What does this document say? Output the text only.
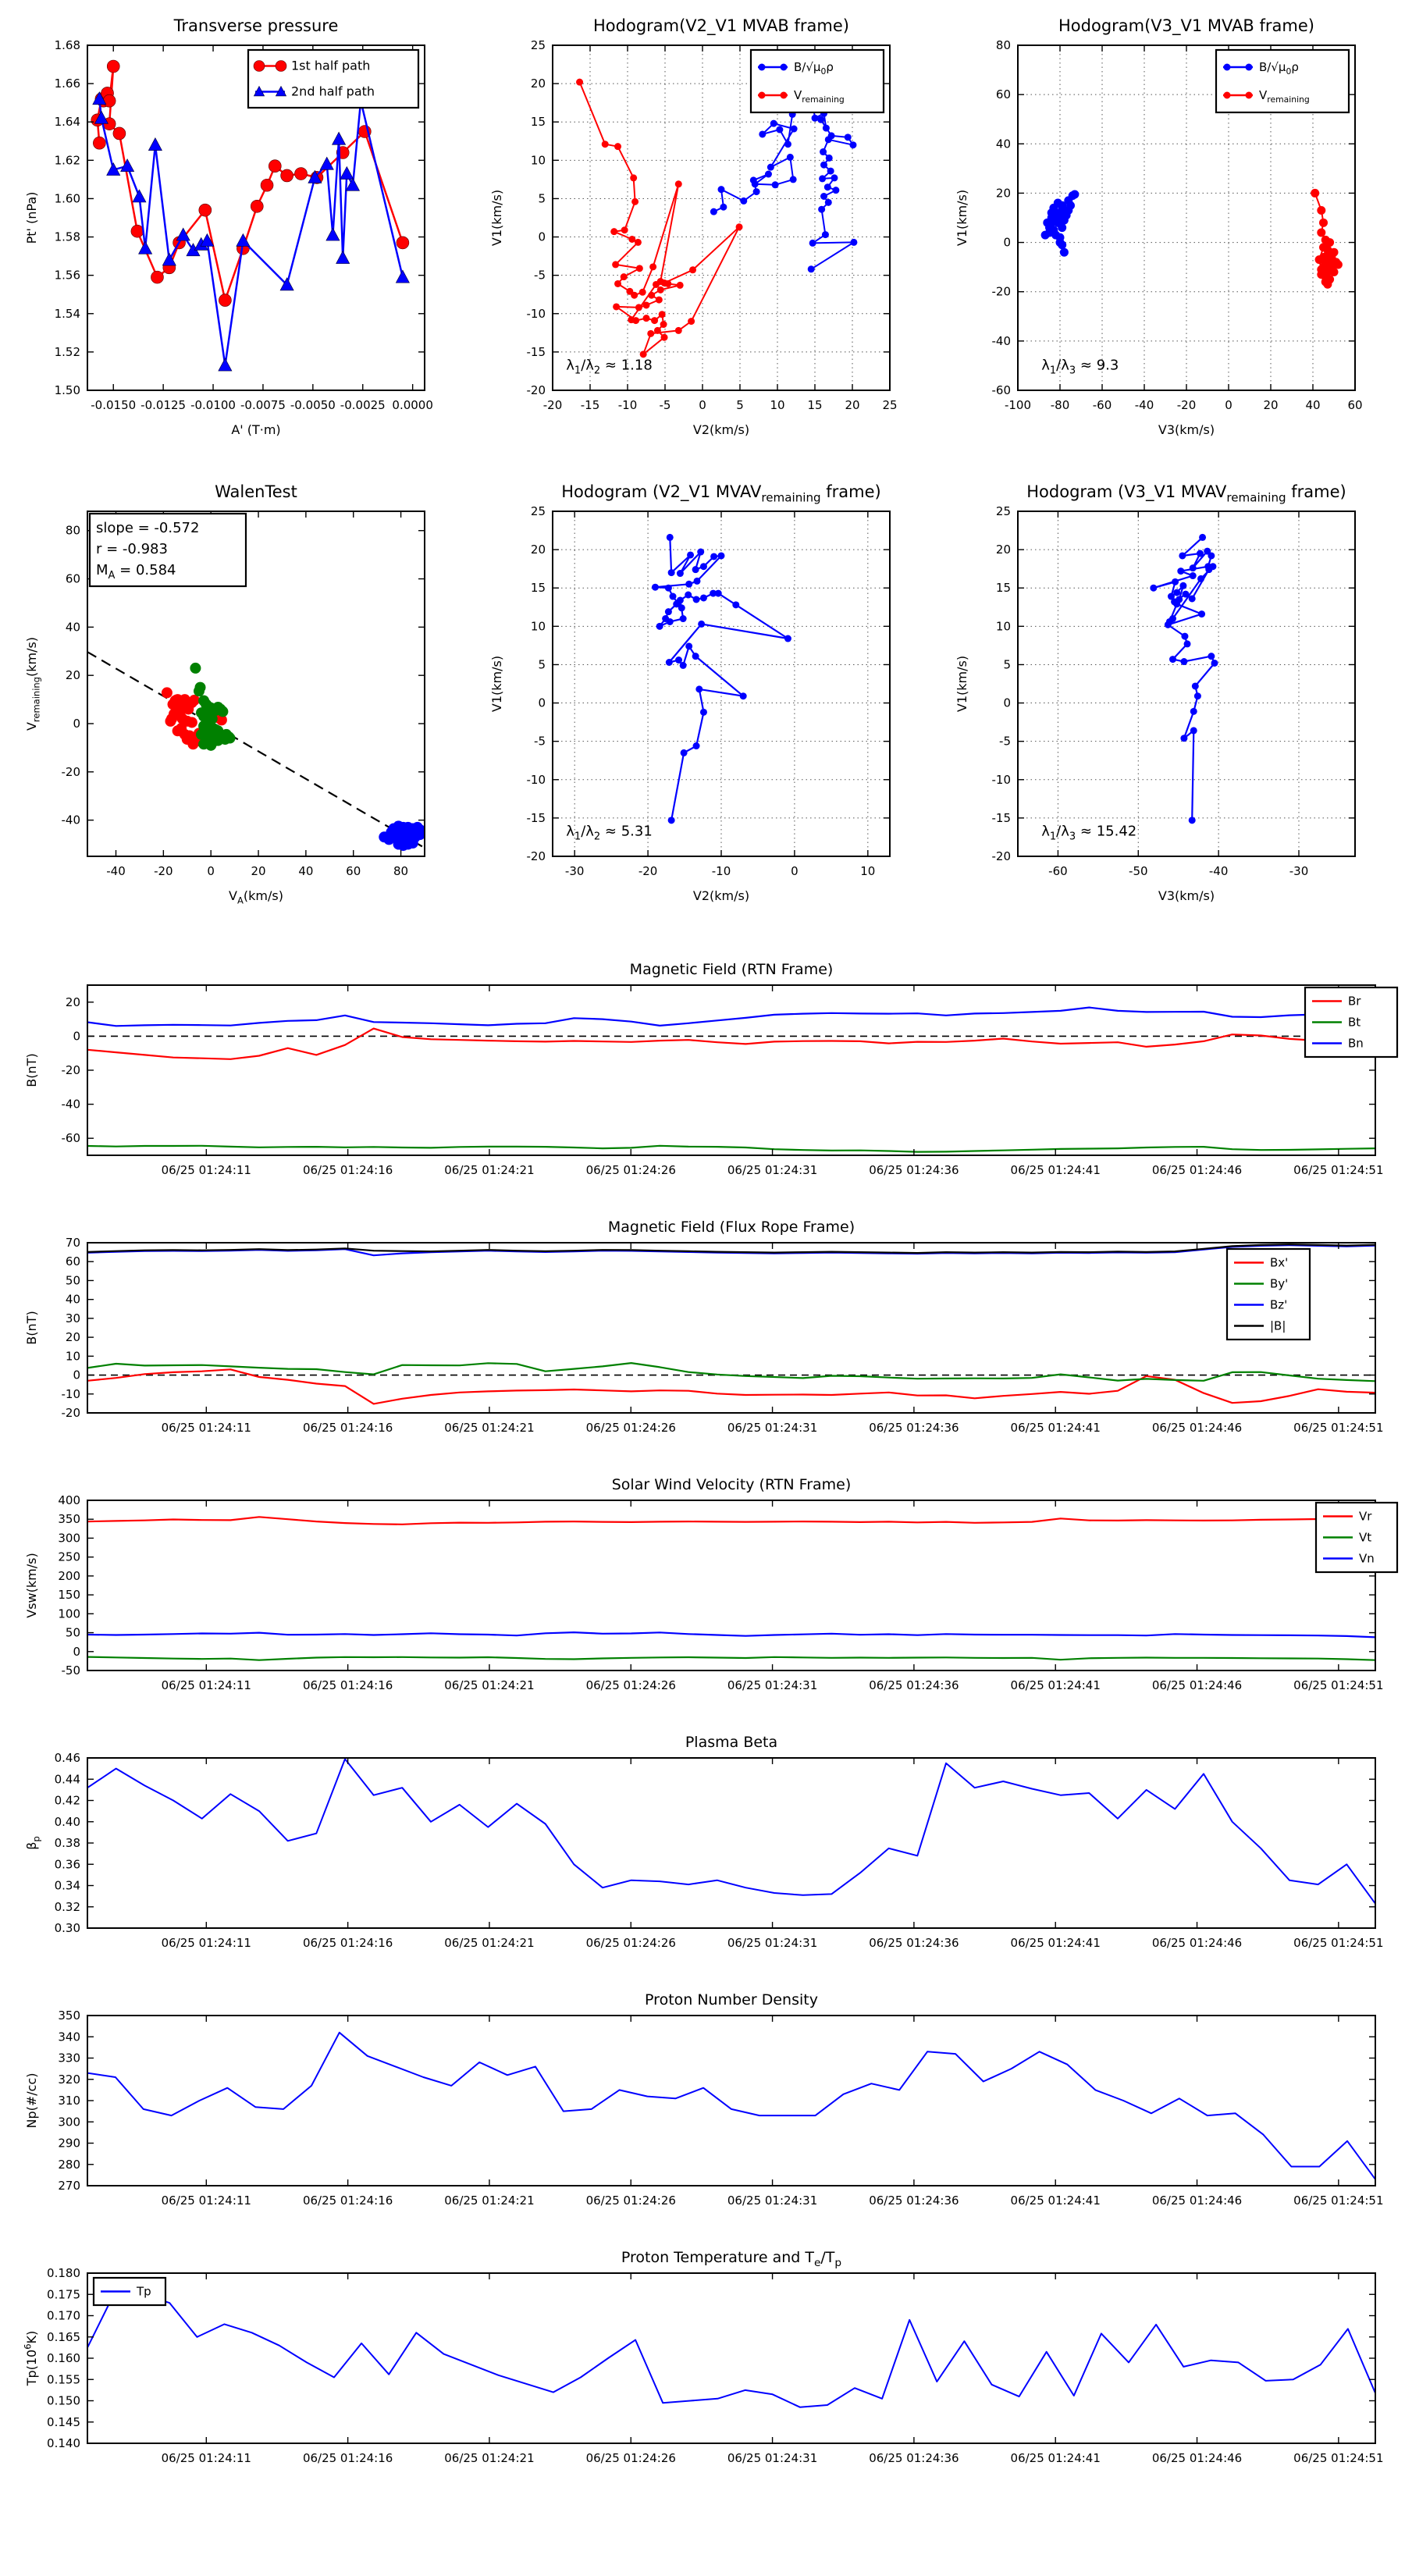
-0.0150 -0.0125 -0.0100 -0.0075 -0.0050 -0.0025 0.0000
1.50
1.52
1.54
1.56
1.58
1.60
1.62
1.64
1.66
1.68
Transverse pressure
A' (T·m)
Pt' (nPa)
1st half path
2nd half path
-20 -15 -10 -5 0	5 10 15 20 25
-20
-15
-10
-5
0
5
10
15
20
25
Hodogram(V2_V1 MVAB frame)
V2(km/s)
V1(km/s)
$\lambda_1/\lambda_2 \approx 1.18$
$B/√\mu_0\rho$
$V_{remaining}$
-100 -80 -60 -40 -20 0	20 40 60
-60
-40
-20
0
20
40
60
80
Hodogram(V3_V1 MVAB frame)
V3(km/s)
V1(km/s)
$\lambda_1/\lambda_3 \approx 9.3$
$B/√\mu_0\rho$
$V_{remaining}$
-40 -20	0	20	40	60	80
-40
-20
0
20
40
60
80
WalenTest
$V_A(km/s)$
$V_{remaining}(km/s)$
slope = -0.572
r = -0.983
$M_A = 0.584$
-30	-20	-10	0	10
-20
-15
-10
-5
0
5
10
15
20
25
Hodogram (V2_V1 $MVAV_{remaining}$ frame)
V2(km/s)
V1(km/s)
$\lambda_1/\lambda_2 \approx 5.31$
-60	-50	-40	-30
-20
-15
-10
-5
0
5
10
15
20
25
Hodogram (V3_V1 $MVAV_{remaining}$ frame)
V3(km/s)
V1(km/s)
$\lambda_1/\lambda_3 \approx 15.42$
06/25 01:24:11	06/25 01:24:16	06/25 01:24:21	06/25 01:24:26	06/25 01:24:31	06/25 01:24:36	06/25 01:24:41	06/25 01:24:46	06/25 01:24:51
-60
-40
-20
0
20
Magnetic Field (RTN Frame)
B(nT)
Br
Bt
Bn
06/25 01:24:11	06/25 01:24:16	06/25 01:24:21	06/25 01:24:26	06/25 01:24:31	06/25 01:24:36	06/25 01:24:41	06/25 01:24:46	06/25 01:24:51
-20
-10
0
10
20
30
40
50
60
70
Magnetic Field (Flux Rope Frame)
B(nT)
Bx'
By'
Bz'
|B|
06/25 01:24:11	06/25 01:24:16	06/25 01:24:21	06/25 01:24:26	06/25 01:24:31	06/25 01:24:36	06/25 01:24:41	06/25 01:24:46	06/25 01:24:51
-50
0
50
100
150
200
250
300
350
400
Solar Wind Velocity (RTN Frame)
Vsw(km/s)
Vr
Vt
Vn
06/25 01:24:11	06/25 01:24:16	06/25 01:24:21	06/25 01:24:26	06/25 01:24:31	06/25 01:24:36	06/25 01:24:41	06/25 01:24:46	06/25 01:24:51
0.30
0.32
0.34
0.36
0.38
0.40
0.42
0.44
0.46
Plasma Beta
$\beta_p$
06/25 01:24:11	06/25 01:24:16	06/25 01:24:21	06/25 01:24:26	06/25 01:24:31	06/25 01:24:36	06/25 01:24:41	06/25 01:24:46	06/25 01:24:51
270
280
290
300
310
320
330
340
350
Proton Number Density
Np(#/cc)
06/25 01:24:11	06/25 01:24:16	06/25 01:24:21	06/25 01:24:26	06/25 01:24:31	06/25 01:24:36	06/25 01:24:41	06/25 01:24:46	06/25 01:24:51
0.140
0.145
0.150
0.155
0.160
0.165
0.170
0.175
0.180
Proton Temperature and $T_e/T_p$
$Tp(10^6K)$
Tp
